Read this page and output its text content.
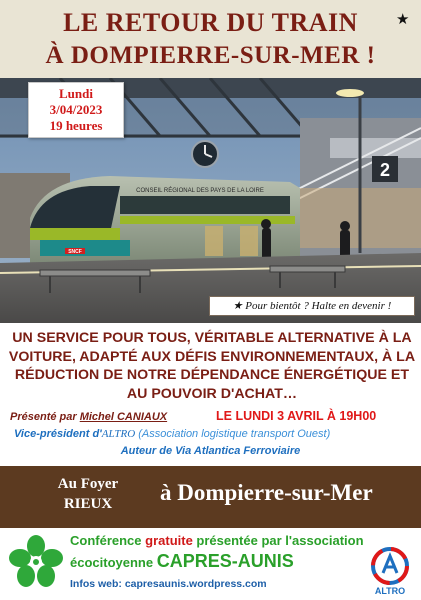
LE RETOUR DU TRAIN
À DOMPIERRE-SUR-MER !
★
2
SNCF
CONSEIL RÉGIONAL DES PAYS DE LA LOIRE
Lundi
3/04/2023
19 heures
★ Pour bientôt ? Halte en devenir !
UN SERVICE POUR TOUS, VÉRITABLE ALTERNATIVE À LA VOITURE, ADAPTÉ AUX DÉFIS ENVIRONNEMENTAUX, À LA RÉDUCTION DE NOTRE DÉPENDANCE ÉNERGÉTIQUE ET AU POUVOIR D'ACHAT…
Présenté par Michel CANIAUX	LE LUNDI 3 AVRIL À 19H00
Vice-président d'ALTRO (Association logistique transport Ouest)
Auteur de Via Atlantica Ferroviaire
Au Foyer
RIEUX	à Dompierre-sur-Mer
Conférence gratuite présentée par l'association
écocitoyenne CAPRES-AUNIS
Infos web: capresaunis.wordpress.com
ALTRO
